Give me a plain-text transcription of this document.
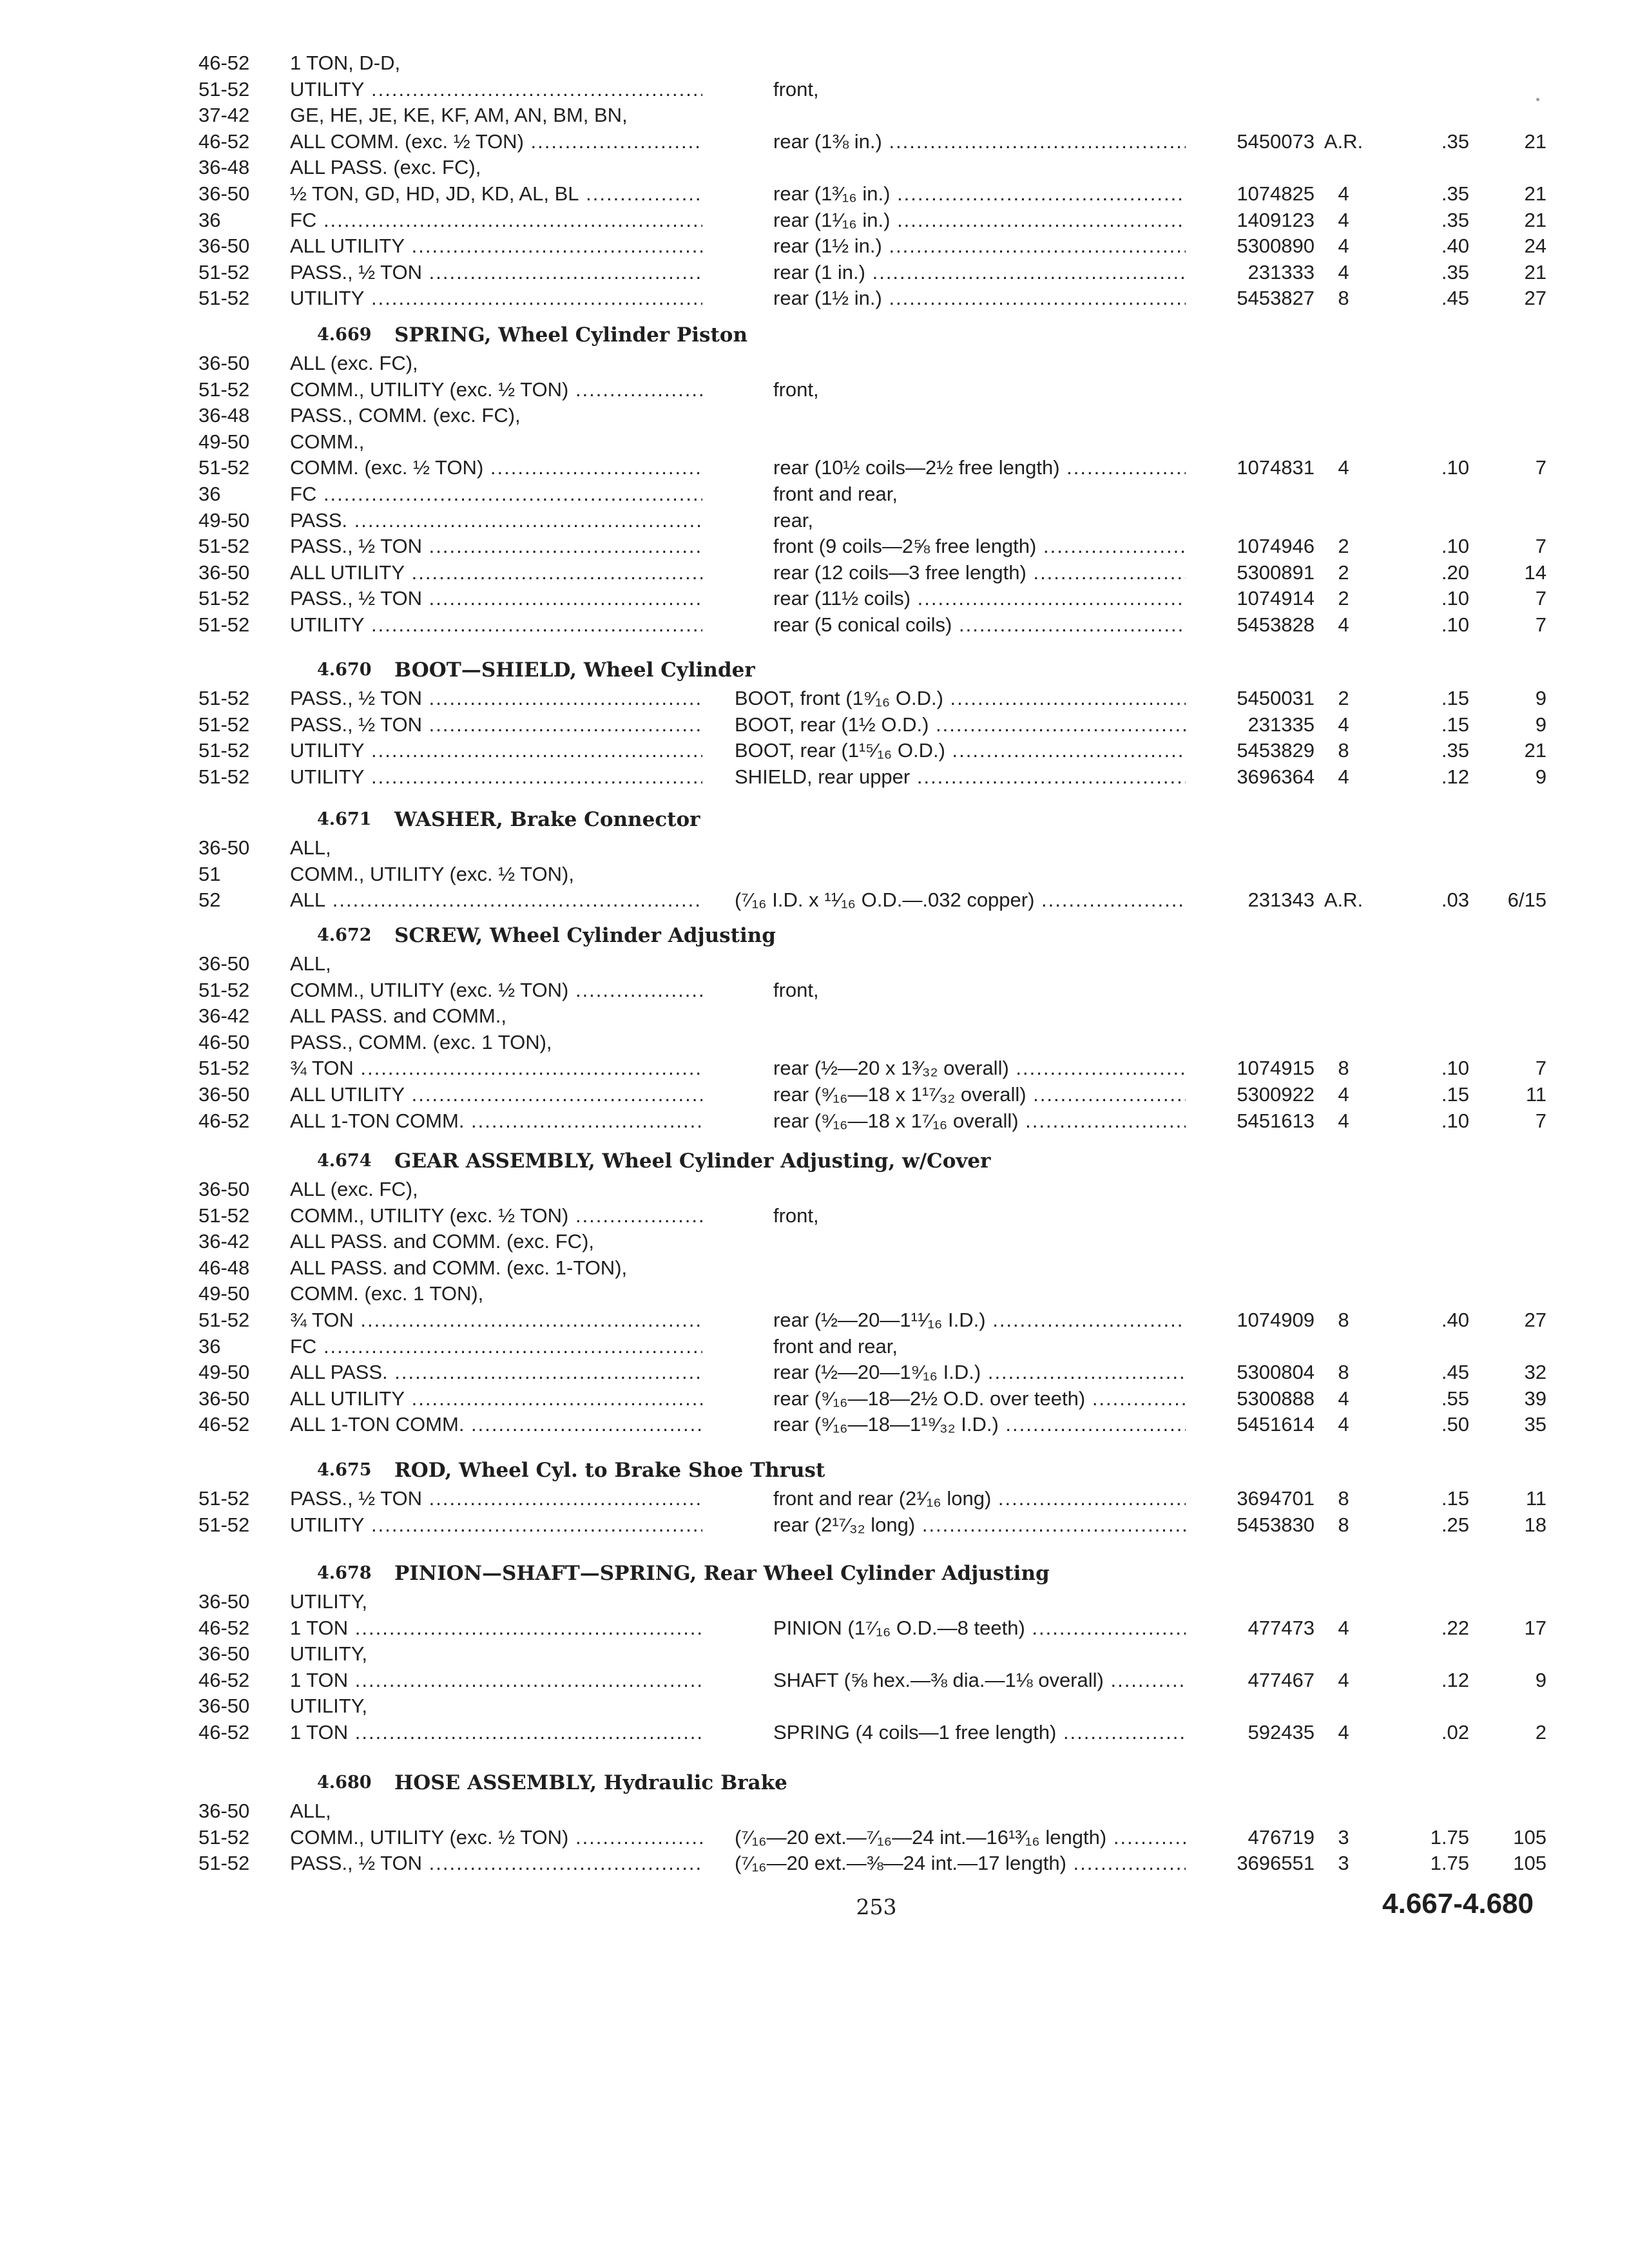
46-52 1 TON, D-D,
51-52 UTILITY .....	front,
37-42 GE, HE, JE, KE, KF, AM, AN, BM, BN,
46-52 ALL COMM. (exc. ½ TON) .....	rear (1⅜ in.) .....	5450073 A.R.	.35	21
36-48 ALL PASS. (exc. FC),
36-50 ½ TON, GD, HD, JD, KD, AL, BL .....	rear (1³⁄₁₆ in.) .....	1074825	4	.35	21
36	FC .....	rear (1¹⁄₁₆ in.) .....	1409123	4	.35	21
36-50 ALL UTILITY .....	rear (1½ in.) .....	5300890	4	.40	24
51-52 PASS., ½ TON .....	rear (1 in.) .....	231333	4	.35	21
51-52 UTILITY .....	rear (1½ in.) .....	5453827	8	.45	27
4.669 SPRING, Wheel Cylinder Piston
36-50 ALL (exc. FC),
51-52 COMM., UTILITY (exc. ½ TON) .....	front,
36-48 PASS., COMM. (exc. FC),
49-50 COMM.,
51-52 COMM. (exc. ½ TON) .....	rear (10½ coils—2½ free length) .....	1074831	4	.10	7
36	FC .....	front and rear,
49-50 PASS. .....	rear,
51-52 PASS., ½ TON .....	front (9 coils—2⅝ free length) .....	1074946	2	.10	7
36-50 ALL UTILITY .....	rear (12 coils—3 free length) .....	5300891	2	.20	14
51-52 PASS., ½ TON .....	rear (11½ coils) .....	1074914	2	.10	7
51-52 UTILITY .....	rear (5 conical coils) .....	5453828	4	.10	7
4.670 BOOT—SHIELD, Wheel Cylinder
51-52 PASS., ½ TON .....	BOOT, front (1⁹⁄₁₆ O.D.) .....	5450031	2	.15	9
51-52 PASS., ½ TON .....	BOOT, rear (1½ O.D.) .....	231335	4	.15	9
51-52 UTILITY .....	BOOT, rear (1¹⁵⁄₁₆ O.D.) .....	5453829	8	.35	21
51-52 UTILITY .....	SHIELD, rear upper .....	3696364	4	.12	9
4.671 WASHER, Brake Connector
36-50 ALL,
51	COMM., UTILITY (exc. ½ TON),
52	ALL .....	(⁷⁄₁₆ I.D. x ¹¹⁄₁₆ O.D.—.032 copper) .....	231343 A.R.	.03	6/15
4.672 SCREW, Wheel Cylinder Adjusting
36-50 ALL,
51-52 COMM., UTILITY (exc. ½ TON) .....	front,
36-42 ALL PASS. and COMM.,
46-50 PASS., COMM. (exc. 1 TON),
51-52 ¾ TON .....	rear (½—20 x 1³⁄₃₂ overall) .....	1074915	8	.10	7
36-50 ALL UTILITY .....	rear (⁹⁄₁₆—18 x 1¹⁷⁄₃₂ overall) .....	5300922	4	.15	11
46-52 ALL 1-TON COMM. .....	rear (⁹⁄₁₆—18 x 1⁷⁄₁₆ overall) .....	5451613	4	.10	7
4.674 GEAR ASSEMBLY, Wheel Cylinder Adjusting, w/Cover
36-50 ALL (exc. FC),
51-52 COMM., UTILITY (exc. ½ TON) .....	front,
36-42 ALL PASS. and COMM. (exc. FC),
46-48 ALL PASS. and COMM. (exc. 1-TON),
49-50 COMM. (exc. 1 TON),
51-52 ¾ TON .....	rear (½—20—1¹¹⁄₁₆ I.D.) .....	1074909	8	.40	27
36	FC .....	front and rear,
49-50 ALL PASS. .....	rear (½—20—1⁹⁄₁₆ I.D.) .....	5300804	8	.45	32
36-50 ALL UTILITY .....	rear (⁹⁄₁₆—18—2½ O.D. over teeth) .....	5300888	4	.55	39
46-52 ALL 1-TON COMM. .....	rear (⁹⁄₁₆—18—1¹⁹⁄₃₂ I.D.) .....	5451614	4	.50	35
4.675 ROD, Wheel Cyl. to Brake Shoe Thrust
51-52 PASS., ½ TON .....	front and rear (2¹⁄₁₆ long) .....	3694701	8	.15	11
51-52 UTILITY .....	rear (2¹⁷⁄₃₂ long) .....	5453830	8	.25	18
4.678 PINION—SHAFT—SPRING, Rear Wheel Cylinder Adjusting
36-50 UTILITY,
46-52 1 TON .....	PINION (1⁷⁄₁₆ O.D.—8 teeth) .....	477473	4	.22	17
36-50 UTILITY,
46-52 1 TON .....	SHAFT (⅝ hex.—⅜ dia.—1⅛ overall) .....	477467	4	.12	9
36-50 UTILITY,
46-52 1 TON .....	SPRING (4 coils—1 free length) .....	592435	4	.02	2
4.680 HOSE ASSEMBLY, Hydraulic Brake
36-50 ALL,
51-52 COMM., UTILITY (exc. ½ TON) .....	(⁷⁄₁₆—20 ext.—⁷⁄₁₆—24 int.—16¹³⁄₁₆ length) .....	476719	3	1.75	105
51-52 PASS., ½ TON .....	(⁷⁄₁₆—20 ext.—⅜—24 int.—17 length) .....	3696551	3	1.75	105
253	4.667-4.680
